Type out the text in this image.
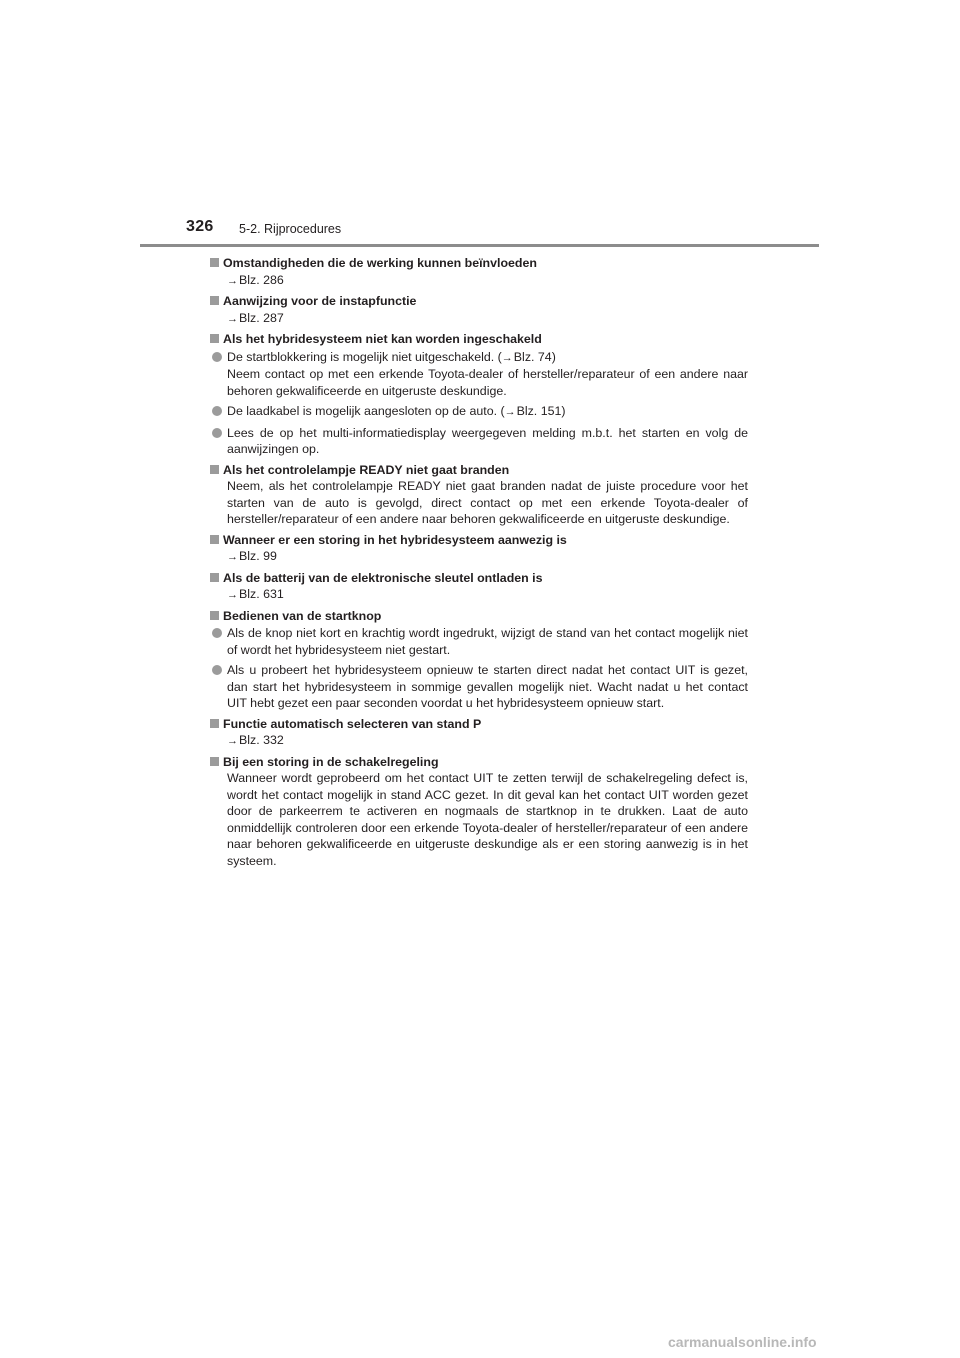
326 5-2. Rijprocedures
Omstandigheden die de werking kunnen beïnvloeden
→Blz. 286
Aanwijzing voor de instapfunctie
→Blz. 287
Als het hybridesysteem niet kan worden ingeschakeld
De startblokkering is mogelijk niet uitgeschakeld. (→Blz. 74)
Neem contact op met een erkende Toyota-dealer of hersteller/reparateur of een andere naar behoren gekwalificeerde en uitgeruste deskundige.
De laadkabel is mogelijk aangesloten op de auto. (→Blz. 151)
Lees de op het multi-informatiedisplay weergegeven melding m.b.t. het starten en volg de aanwijzingen op.
Als het controlelampje READY niet gaat branden
Neem, als het controlelampje READY niet gaat branden nadat de juiste procedure voor het starten van de auto is gevolgd, direct contact op met een erkende Toyota-dealer of hersteller/reparateur of een andere naar behoren gekwalificeerde en uitgeruste deskundige.
Wanneer er een storing in het hybridesysteem aanwezig is
→Blz. 99
Als de batterij van de elektronische sleutel ontladen is
→Blz. 631
Bedienen van de startknop
Als de knop niet kort en krachtig wordt ingedrukt, wijzigt de stand van het contact mogelijk niet of wordt het hybridesysteem niet gestart.
Als u probeert het hybridesysteem opnieuw te starten direct nadat het contact UIT is gezet, dan start het hybridesysteem in sommige gevallen mogelijk niet. Wacht nadat u het contact UIT hebt gezet een paar seconden voordat u het hybridesysteem opnieuw start.
Functie automatisch selecteren van stand P
→Blz. 332
Bij een storing in de schakelregeling
Wanneer wordt geprobeerd om het contact UIT te zetten terwijl de schakelregeling defect is, wordt het contact mogelijk in stand ACC gezet. In dit geval kan het contact UIT worden gezet door de parkeerrem te activeren en nogmaals de startknop in te drukken. Laat de auto onmiddellijk controleren door een erkende Toyota-dealer of hersteller/reparateur of een andere naar behoren gekwalificeerde en uitgeruste deskundige als er een storing aanwezig is in het systeem.
carmanualsonline.info
